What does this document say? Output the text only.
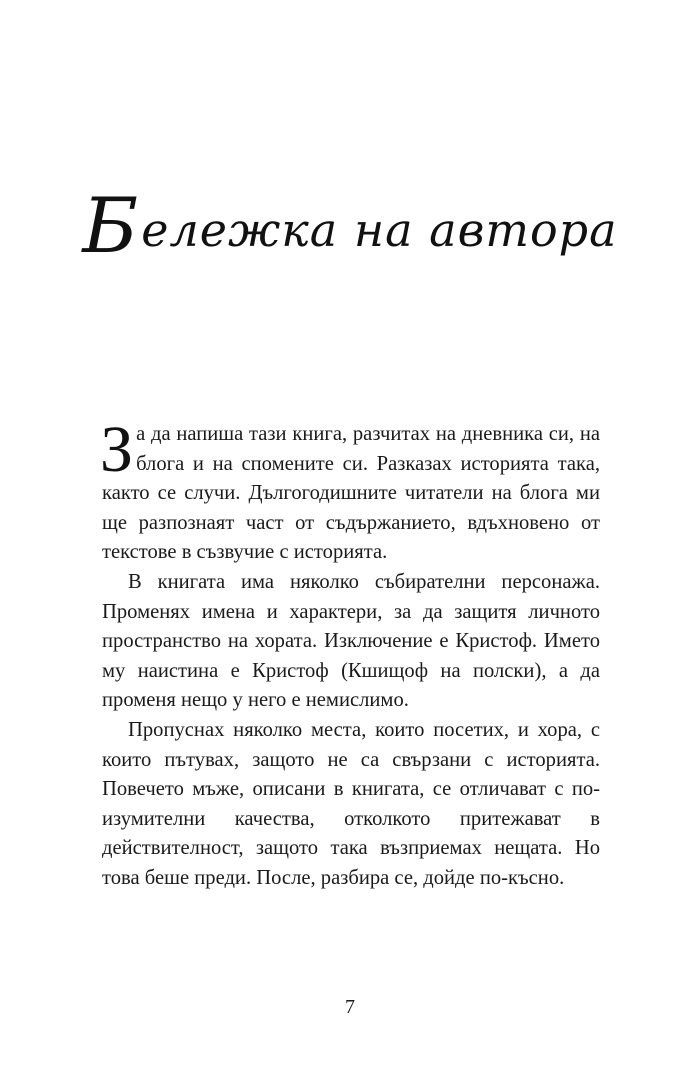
Бележка на автора

За да напиша тази книга, разчитах на дневника си, на блога и на спомените си. Разказах историята така, както се случи. Дългогодишните читатели на блога ми ще разпознаят част от съдържанието, вдъхновено от текстове в съзвучие с историята.

В книгата има няколко събирателни персонажа. Променях имена и характери, за да защитя личното пространство на хората. Изключение е Кристоф. Името му наистина е Кристоф (Кшищоф на полски), а да променя нещо у него е немислимо.

Пропуснах няколко места, които посетих, и хора, с които пътувах, защото не са свързани с историята. Повечето мъже, описани в книгата, се отличават с по-изумителни качества, отколкото притежават в действителност, защото така възприемах нещата. Но това беше преди. После, разбира се, дойде по-късно.

7
